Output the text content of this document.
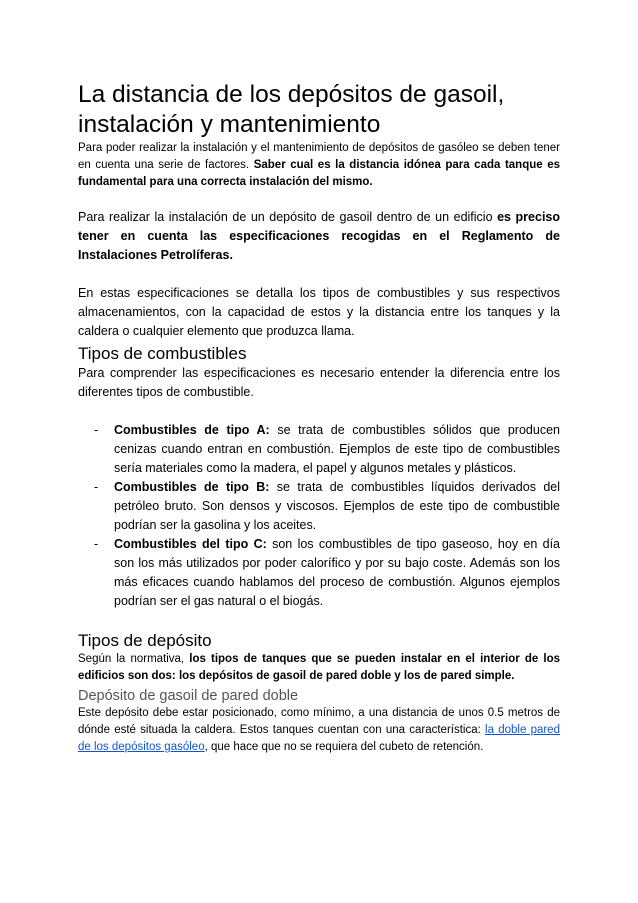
La distancia de los depósitos de gasoil, instalación y mantenimiento

Para poder realizar la instalación y el mantenimiento de depósitos de gasóleo se deben tener en cuenta una serie de factores. Saber cual es la distancia idónea para cada tanque es fundamental para una correcta instalación del mismo.

Para realizar la instalación de un depósito de gasoil dentro de un edificio es preciso tener en cuenta las especificaciones recogidas en el Reglamento de Instalaciones Petrolíferas.

En estas especificaciones se detalla los tipos de combustibles y sus respectivos almacenamientos, con la capacidad de estos y la distancia entre los tanques y la caldera o cualquier elemento que produzca llama.

Tipos de combustibles

Para comprender las especificaciones es necesario entender la diferencia entre los diferentes tipos de combustible.

- Combustibles de tipo A: se trata de combustibles sólidos que producen cenizas cuando entran en combustión. Ejemplos de este tipo de combustibles sería materiales como la madera, el papel y algunos metales y plásticos.
- Combustibles de tipo B: se trata de combustibles líquidos derivados del petróleo bruto. Son densos y viscosos. Ejemplos de este tipo de combustible podrían ser la gasolina y los aceites.
- Combustibles del tipo C: son los combustibles de tipo gaseoso, hoy en día son los más utilizados por poder calorífico y por su bajo coste. Además son los más eficaces cuando hablamos del proceso de combustión. Algunos ejemplos podrían ser el gas natural o el biogás.
Tipos de depósito

Según la normativa, los tipos de tanques que se pueden instalar en el interior de los edificios son dos: los depósitos de gasoil de pared doble y los de pared simple.

Depósito de gasoil de pared doble

Este depósito debe estar posicionado, como mínimo, a una distancia de unos 0.5 metros de dónde esté situada la caldera. Estos tanques cuentan con una característica: la doble pared de los depósitos gasóleo, que hace que no se requiera del cubeto de retención.
